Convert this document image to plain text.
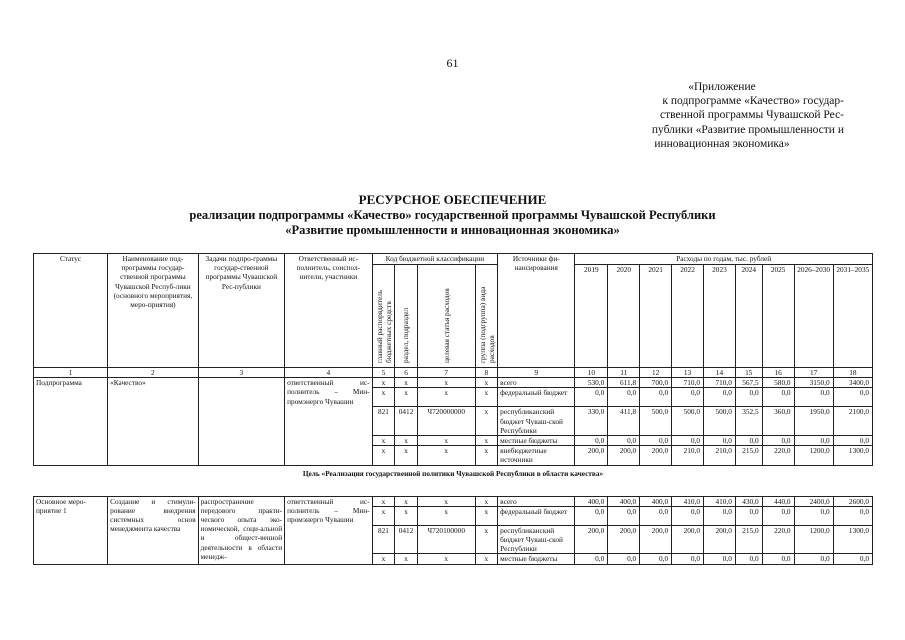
61
«Приложение
к подпрограмме «Качество» государ-
ственной программы Чувашской Рес-
публики «Развитие промышленности и
инновационная экономика»
РЕСУРСНОЕ ОБЕСПЕЧЕНИЕ
реализации подпрограммы «Качество» государственной программы Чувашской Республики
«Развитие промышленности и инновационная экономика»
Статус	Наименование под-программы государ-ственной программы Чувашской Респуб-лики (основного мероприятия, меро-приятия)	Задачи подпро-граммы государ-ственной программы Чувашской Рес-публики	Ответственный ис-полнитель, соиспол-нители, участники	Код бюджетной классификации				Источники фи-нансирования	Расходы по годам, тыс. рублей								
				главный распорядитель бюджетных средств	раздел, подраздел	целевая статья расходов	группа (подгруппа) вида расходов		2019	2020	2021	2022	2023	2024	2025	2026–2030	2031–2035

1	2	3	4	5	6	7	8	9	10	11	12	13	14	15	16	17	18
Подпрограмма	«Качество»		ответственный ис-полнитель – Мин-промэнерго Чувашии	x	x	x	x	всего	530,0	611,8	700,0	710,0	710,0	567,5	580,0	3150,0	3400,0
				x	x	x	x	федеральный бюджет	0,0	0,0	0,0	0,0	0,0	0,0	0,0	0,0	0,0
				821	0412	Ч720000000	x	республиканский бюджет Чуваш-ской Республики	330,0	411,8	500,0	500,0	500,0	352,5	360,0	1950,0	2100,0
				x	x	x	x	местные бюджеты	0,0	0,0	0,0	0,0	0,0	0,0	0,0	0,0	0,0
				x	x	x	x	внебюджетные источники	200,0	200,0	200,0	210,0	210,0	215,0	220,0	1200,0	1300,0
Цель «Реализация государственной политики Чувашской Республики в области качества»																	

Основное меро-приятие 1	Создание и стимули-рование внедрения системных основ менеджмента качества	распространение передового практи-ческого опыта эко-номической, соци-альной и общест-венной деятельности в области менедж-	ответственный ис-полнитель – Мин-промэнерго Чувашии	x	x	x	x	всего	400,0	400,0	400,0	410,0	410,0	430,0	440,0	2400,0	2600,0
				x	x	x	x	федеральный бюджет	0,0	0,0	0,0	0,0	0,0	0,0	0,0	0,0	0,0
				821	0412	Ч720100000	x	республиканский бюджет Чуваш-ской Республики	200,0	200,0	200,0	200,0	200,0	215,0	220,0	1200,0	1300,0
				x	x	x	x	местные бюджеты	0,0	0,0	0,0	0,0	0,0	0,0	0,0	0,0	0,0
